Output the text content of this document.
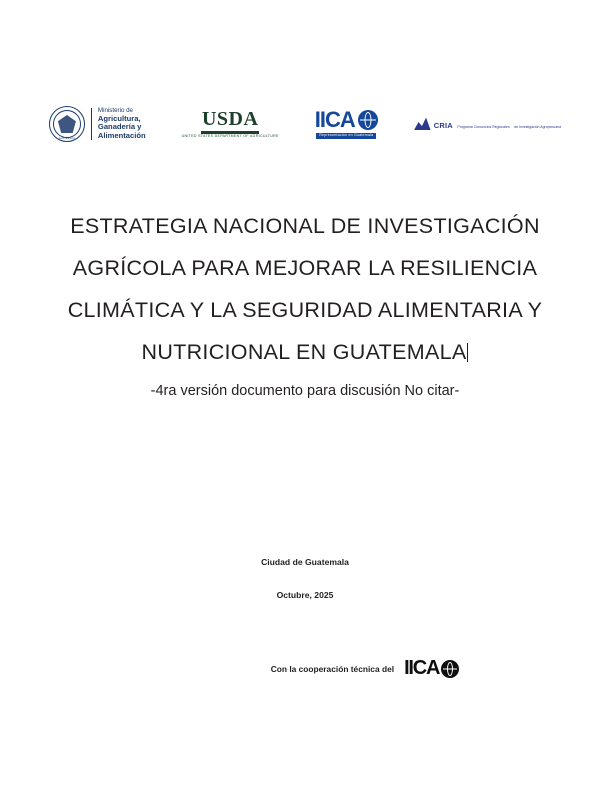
GUATEMALA
Ministerio de
Agricultura,
Ganadería y
Alimentación
USDA
UNITED STATES DEPARTMENT OF AGRICULTURE
IICA
Representación en Guatemala
CRIA Programa Consorcios Regionales de Investigación Agropecuaria
ESTRATEGIA NACIONAL DE INVESTIGACIÓN
AGRÍCOLA PARA MEJORAR LA RESILIENCIA
CLIMÁTICA Y LA SEGURIDAD ALIMENTARIA Y
NUTRICIONAL EN GUATEMALA
-4ra versión documento para discusión No citar-
Ciudad de Guatemala
Octubre, 2025
Con la cooperación técnica del IICA
